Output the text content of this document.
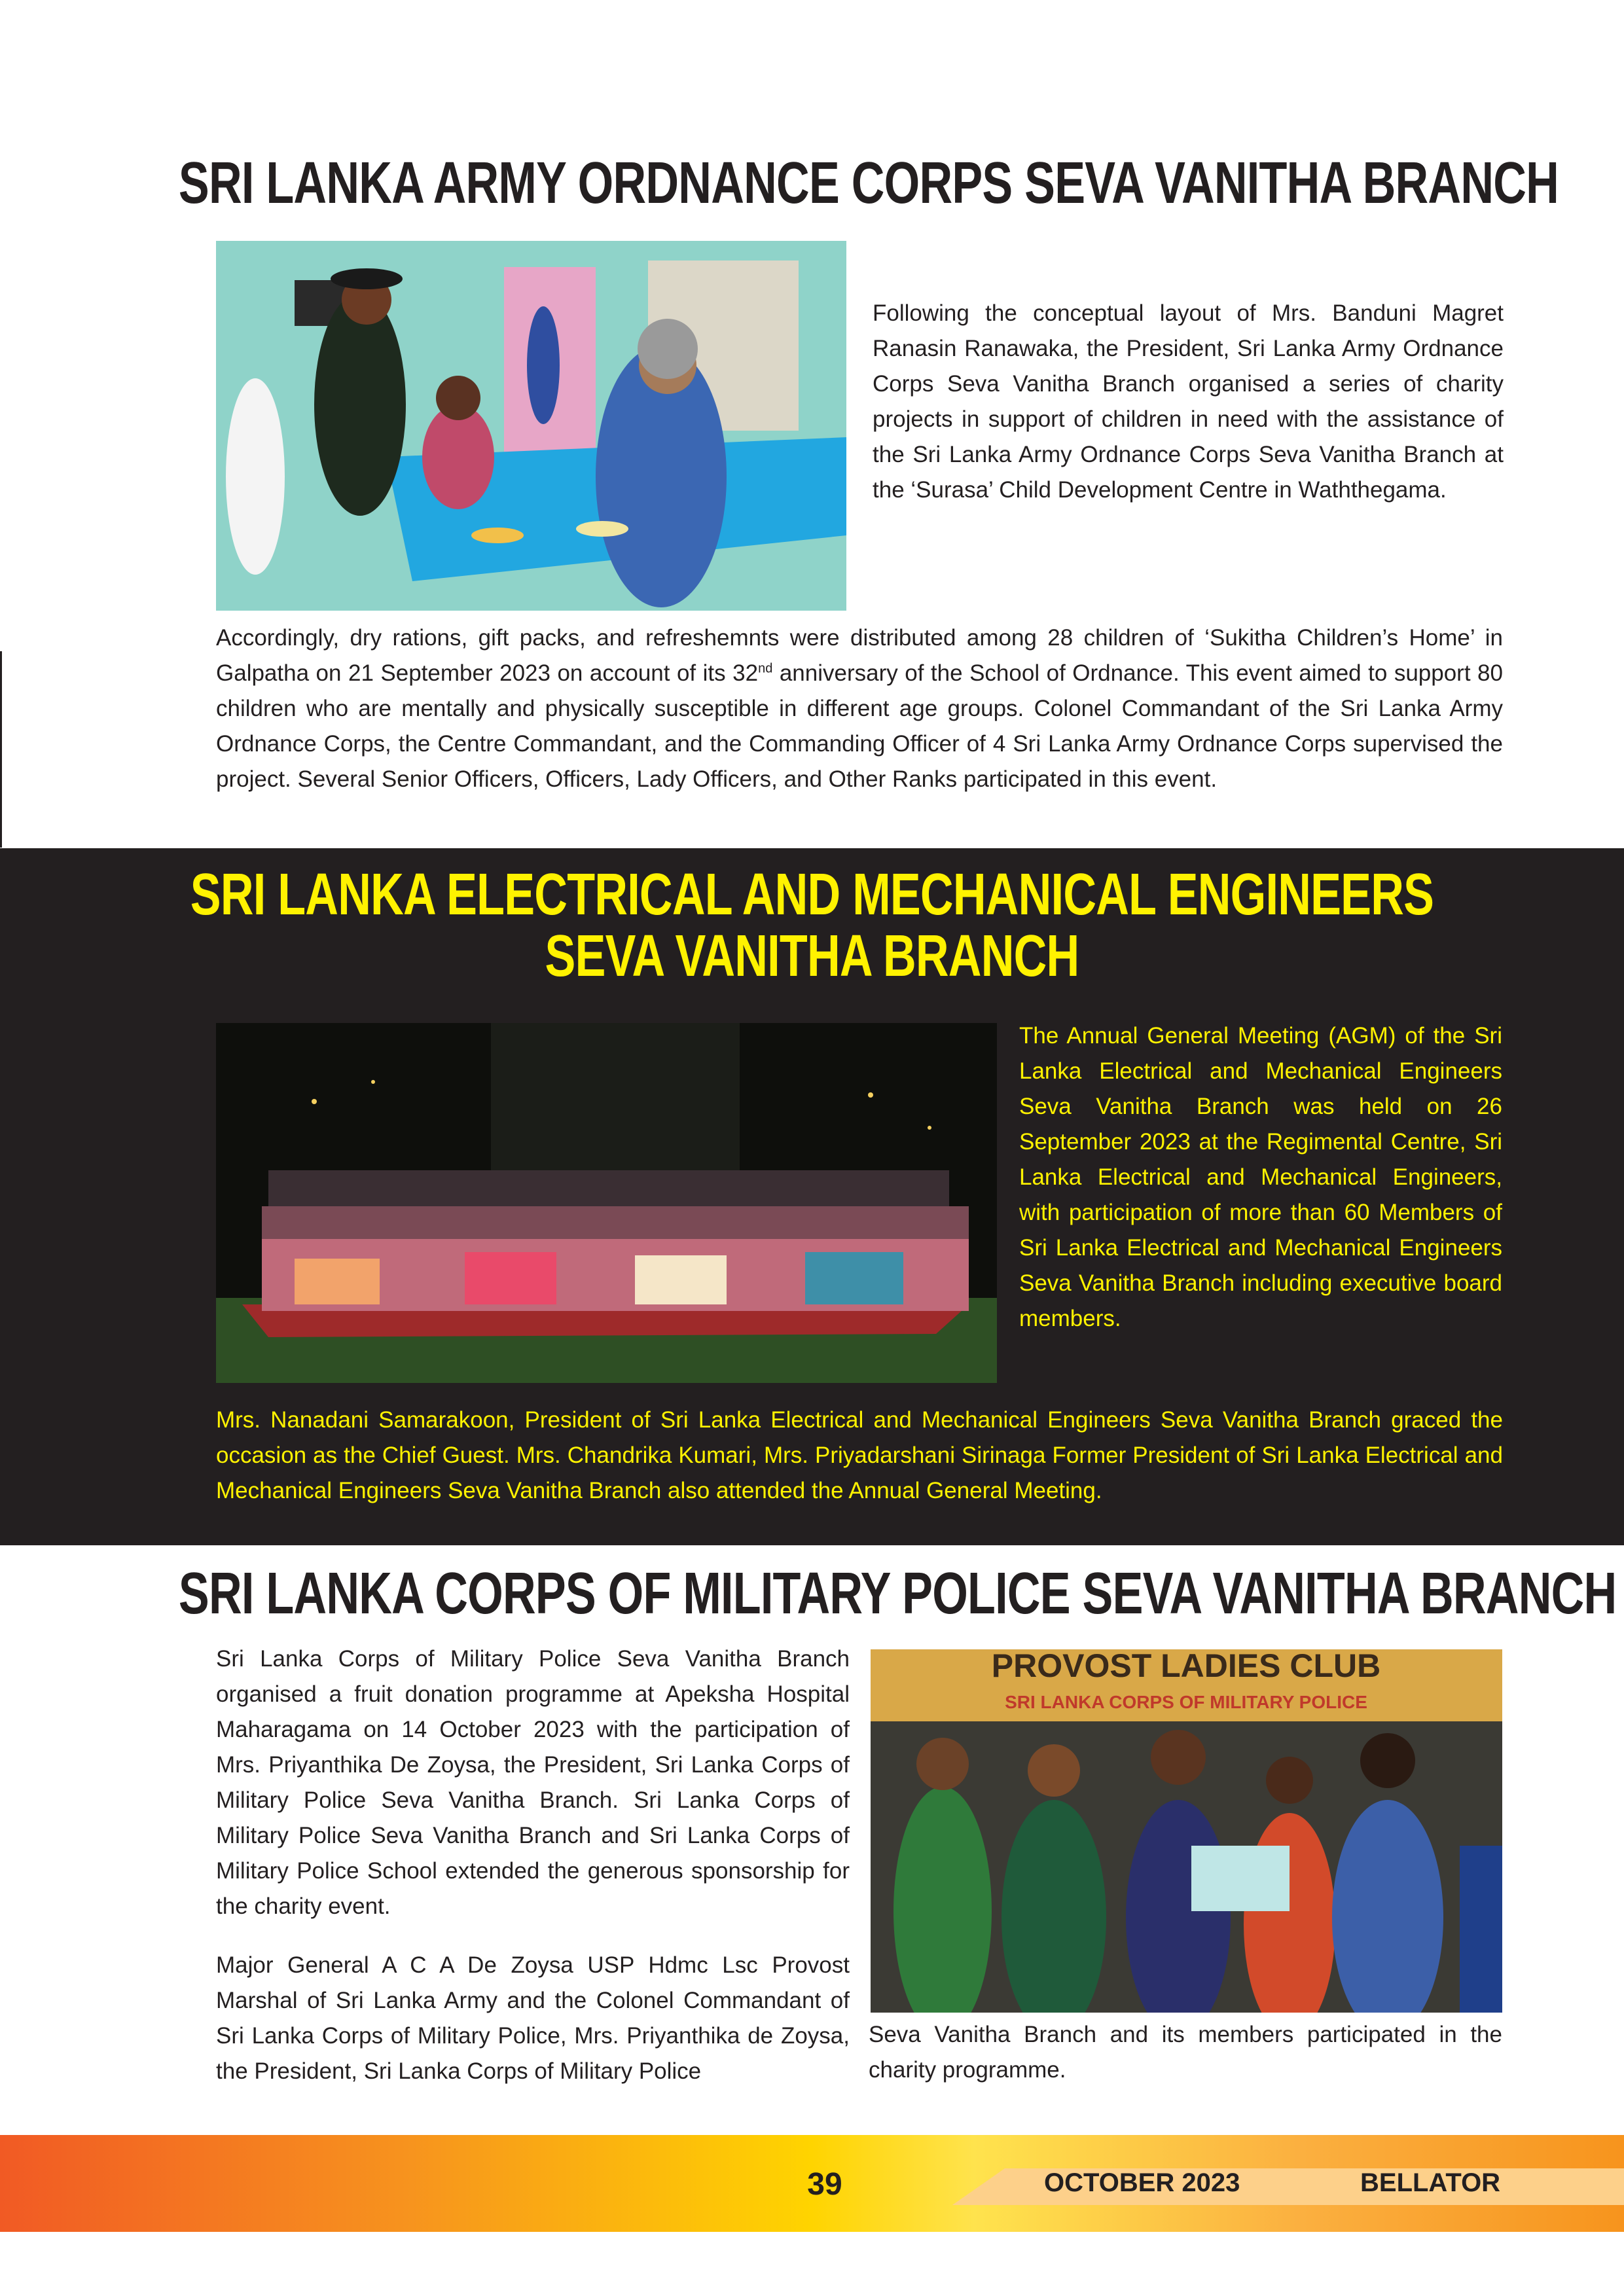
SRI LANKA ARMY ORDNANCE CORPS SEVA VANITHA BRANCH
Following the conceptual layout of Mrs. Banduni Magret Ranasin Ranawaka, the President, Sri Lanka Army Ordnance Corps Seva Vanitha Branch organised a series of charity projects in support of children in need with the assistance of the Sri Lanka Army Ordnance Corps Seva Vanitha Branch at the ‘Surasa’ Child Development Centre in Waththegama.
Accordingly, dry rations, gift packs, and refreshemnts were distributed among 28 children of ‘Sukitha Children’s Home’ in Galpatha on 21 September 2023 on account of its 32nd anniversary of the School of Ordnance. This event aimed to support 80 children who are mentally and physically susceptible in different age groups. Colonel Commandant of the Sri Lanka Army Ordnance Corps, the Centre Commandant, and the Commanding Officer of 4 Sri Lanka Army Ordnance Corps supervised the project. Several Senior Officers, Officers, Lady Officers, and Other Ranks participated in this event.
SRI LANKA ELECTRICAL AND MECHANICAL ENGINEERS
SEVA VANITHA BRANCH
The Annual General Meeting (AGM) of the Sri Lanka Electrical and Mechanical Engineers Seva Vanitha Branch was held on 26 September 2023 at the Regimental Centre, Sri Lanka Electrical and Mechanical Engineers, with participation of more than 60 Members of Sri Lanka Electrical and Mechanical Engineers Seva Vanitha Branch including executive board members.
Mrs. Nanadani Samarakoon, President of Sri Lanka Electrical and Mechanical Engineers Seva Vanitha Branch graced the occasion as the Chief Guest. Mrs. Chandrika Kumari, Mrs. Priyadarshani Sirinaga Former President of Sri Lanka Electrical and Mechanical Engineers Seva Vanitha Branch also attended the Annual General Meeting.
SRI LANKA CORPS OF MILITARY POLICE SEVA VANITHA BRANCH
Sri Lanka Corps of Military Police Seva Vanitha Branch organised a fruit donation programme at Apeksha Hospital Maharagama on 14 October 2023 with the participation of Mrs. Priyanthika De Zoysa, the President, Sri Lanka Corps of Military Police Seva Vanitha Branch. Sri Lanka Corps of Military Police Seva Vanitha Branch and Sri Lanka Corps of Military Police School extended the generous sponsorship for the charity event.
Major General A C A De Zoysa USP Hdmc Lsc Provost Marshal of Sri Lanka Army and the Colonel Commandant of Sri Lanka Corps of Military Police, Mrs. Priyanthika de Zoysa, the President, Sri Lanka Corps of Military Police
PROVOST LADIES CLUB
SRI LANKA CORPS OF MILITARY POLICE
Seva Vanitha Branch and its members participated in the charity programme.
39	OCTOBER 2023	BELLATOR
